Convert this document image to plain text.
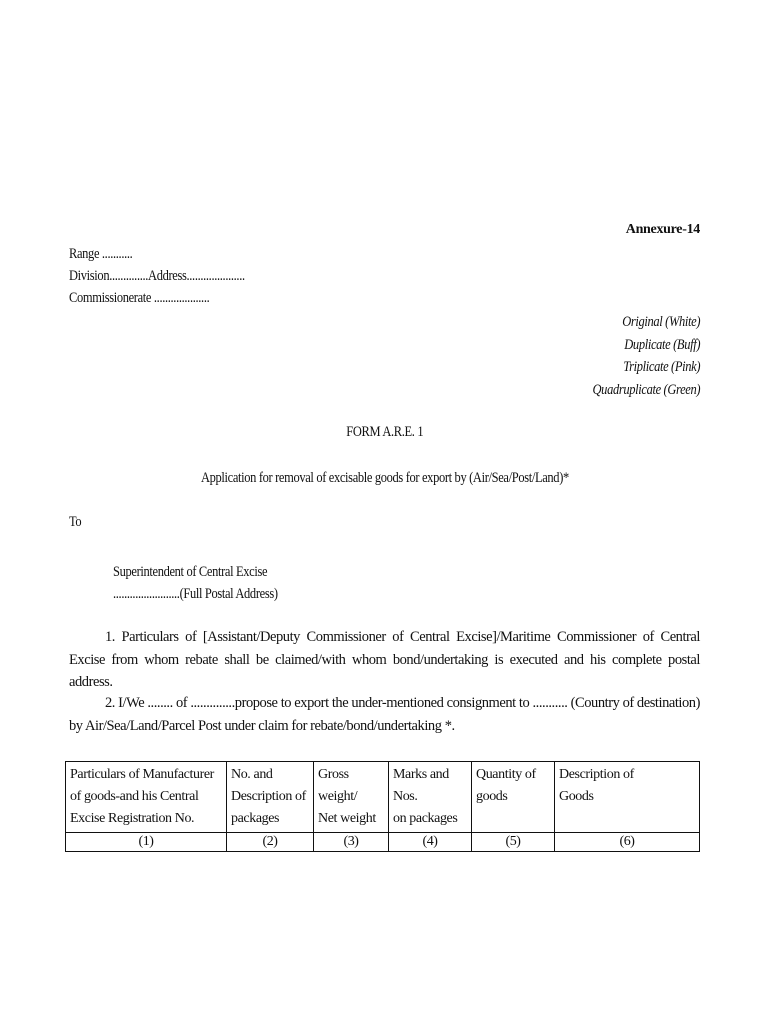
Annexure-14
Range ...........
Division..............Address.....................
Commissionerate ....................
Original (White)
Duplicate (Buff)
Triplicate (Pink)
Quadruplicate (Green)
FORM A.R.E. 1
Application for removal of excisable goods for export by (Air/Sea/Post/Land)*
To
Superintendent of Central Excise
........................(Full Postal Address)
1. Particulars of [Assistant/Deputy Commissioner of Central Excise]/Maritime Commissioner of Central Excise from whom rebate shall be claimed/with whom bond/undertaking is executed and his complete postal address.
2. I/We ........ of ..............propose to export the under-mentioned consignment to ........... (Country of destination) by Air/Sea/Land/Parcel Post under claim for rebate/bond/undertaking *.
Particulars of Manufacturer
of goods-and his Central
Excise Registration No.	No. and
Description of
packages	Gross
weight/
Net weight	Marks and
Nos.
on packages	Quantity of
goods	Description of
Goods

(1)	(2)	(3)	(4)	(5)	(6)
